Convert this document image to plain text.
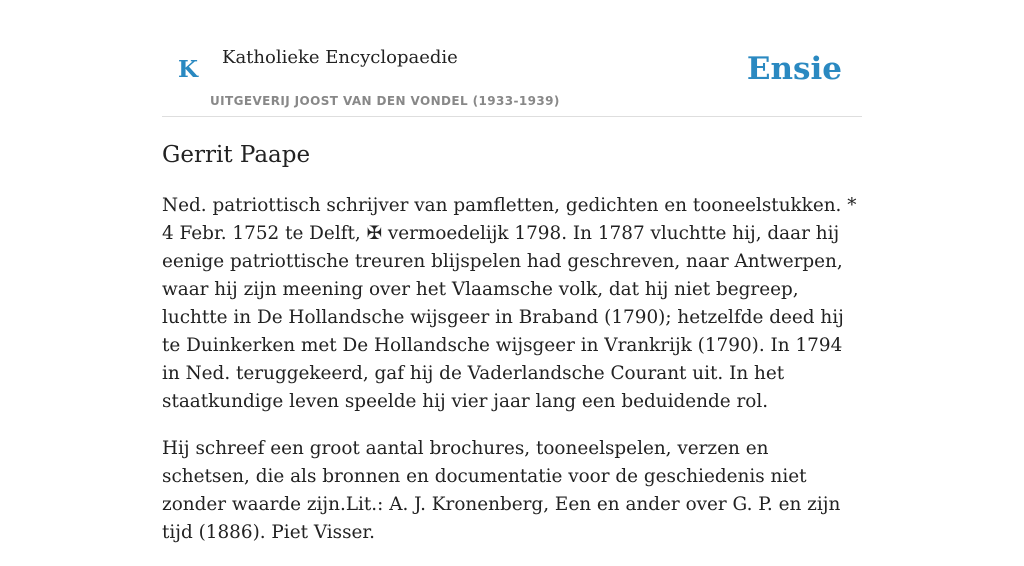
K Katholieke Encyclopaedie
UITGEVERIJ JOOST VAN DEN VONDEL (1933-1939)
Ensie
Gerrit Paape

Ned. patriottisch schrijver van pamfletten, gedichten en tooneelstukken. * 4 Febr. 1752 te Delft, ✠ vermoedelijk 1798. In 1787 vluchtte hij, daar hij eenige patriottische treuren blijspelen had geschreven, naar Antwerpen, waar hij zijn meening over het Vlaamsche volk, dat hij niet begreep, luchtte in De Hollandsche wijsgeer in Braband (1790); hetzelfde deed hij te Duinkerken met De Hollandsche wijsgeer in Vrankrijk (1790). In 1794 in Ned. teruggekeerd, gaf hij de Vaderlandsche Courant uit. In het staatkundige leven speelde hij vier jaar lang een beduidende rol.

Hij schreef een groot aantal brochures, tooneelspelen, verzen en schetsen, die als bronnen en documentatie voor de geschiedenis niet zonder waarde zijn.Lit.: A. J. Kronenberg, Een en ander over G. P. en zijn tijd (1886). Piet Visser.
